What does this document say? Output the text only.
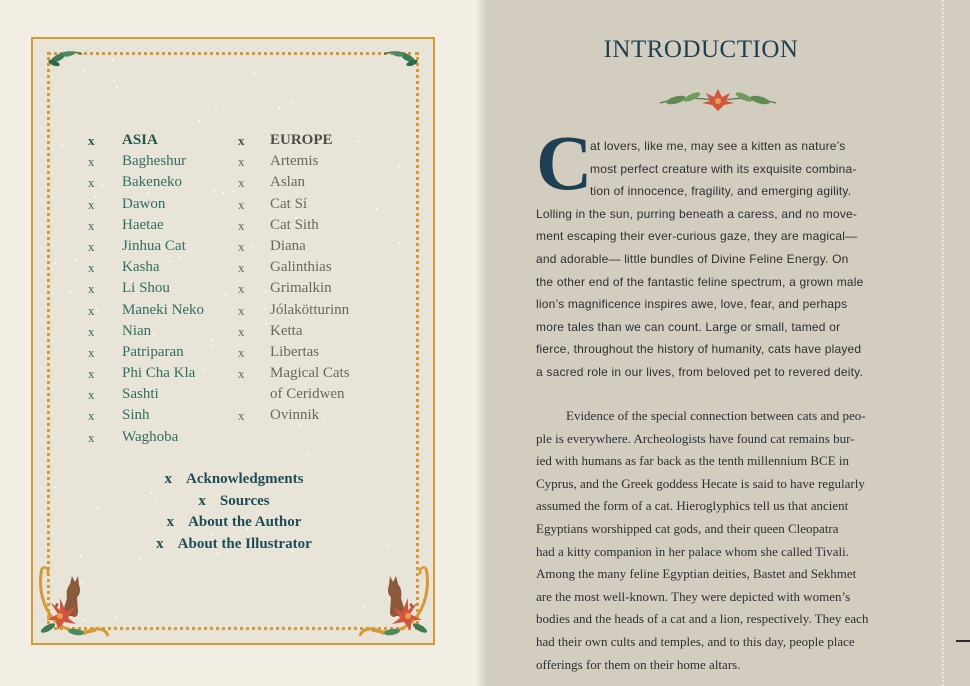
x ASIA
x Bagheshur
x Bakeneko
x Dawon
x Haetae
x Jinhua Cat
x Kasha
x Li Shou
x Maneki Neko
x Nian
x Patriparan
x Phi Cha Kla
x Sashti
x Sinh
x Waghoba
x EUROPE
x Artemis
x Aslan
x Cat Sí
x Cat Sith
x Diana
x Galinthias
x Grimalkin
x Jólakötturinn
x Ketta
x Libertas
x Magical Cats
of Ceridwen
x Ovinnik
x Acknowledgments
x Sources
x About the Author
x About the Illustrator
INTRODUCTION
C
at lovers, like me, may see a kitten as nature’s
most perfect creature with its exquisite combina-
tion of innocence, fragility, and emerging agility.
Lolling in the sun, purring beneath a caress, and no move-
ment escaping their ever-curious gaze, they are magical—
and adorable— little bundles of Divine Feline Energy. On
the other end of the fantastic feline spectrum, a grown male
lion’s magnificence inspires awe, love, fear, and perhaps
more tales than we can count. Large or small, tamed or
fierce, throughout the history of humanity, cats have played
a sacred role in our lives, from beloved pet to revered deity.
Evidence of the special connection between cats and peo-
ple is everywhere. Archeologists have found cat remains bur-
ied with humans as far back as the tenth millennium BCE in
Cyprus, and the Greek goddess Hecate is said to have regularly
assumed the form of a cat. Hieroglyphics tell us that ancient
Egyptians worshipped cat gods, and their queen Cleopatra
had a kitty companion in her palace whom she called Tivali.
Among the many feline Egyptian deities, Bastet and Sekhmet
are the most well-known. They were depicted with women’s
bodies and the heads of a cat and a lion, respectively. They each
had their own cults and temples, and to this day, people place
offerings for them on their home altars.
